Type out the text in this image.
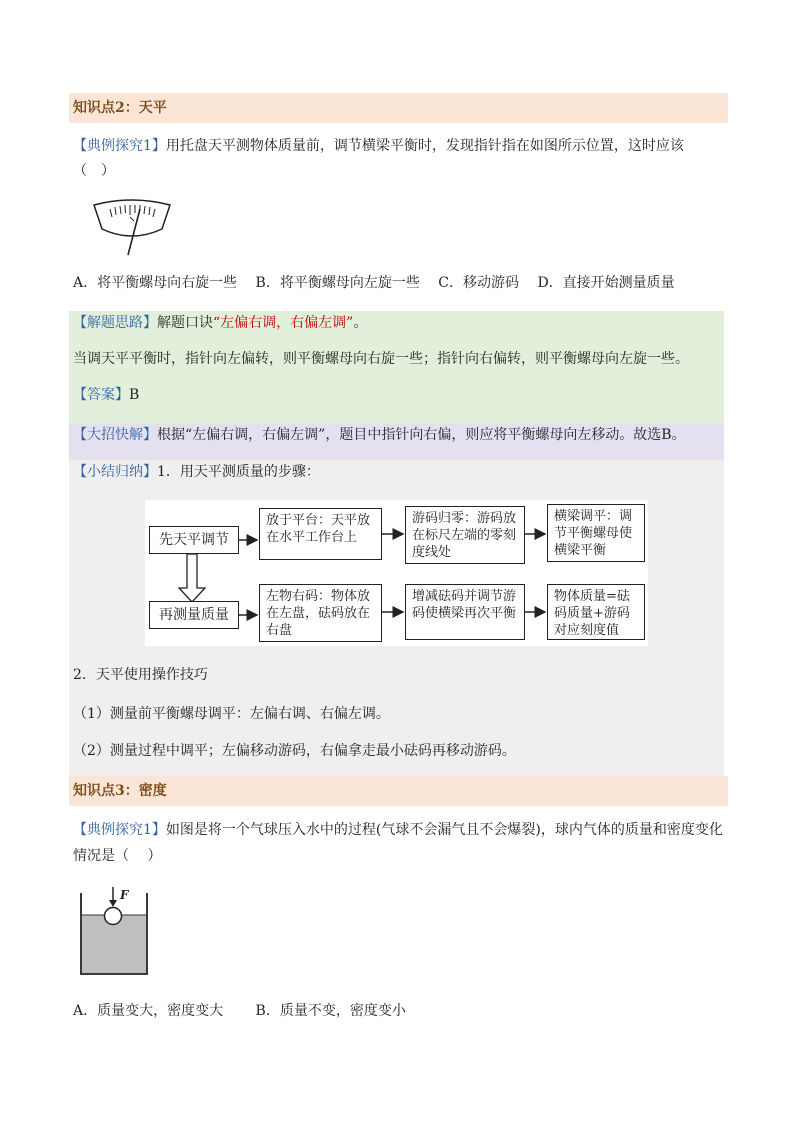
知识点2：天平
【典例探究1】用托盘天平测物体质量前，调节横梁平衡时，发现指针指在如图所示位置，这时应该
（　）
A．将平衡螺母向右旋一些　 B．将平衡螺母向左旋一些　 C．移动游码　 D．直接开始测量质量
【解题思路】解题口诀“左偏右调，右偏左调”。
当调天平平衡时，指针向左偏转，则平衡螺母向右旋一些；指针向右偏转，则平衡螺母向左旋一些。
【答案】B
【大招快解】根据“左偏右调，右偏左调”，题目中指针向右偏，则应将平衡螺母向左移动。故选B。
【小结归纳】1．用天平测质量的步骤：
先天平调节
放于平台：天平放在水平工作台上
游码归零：游码放在标尺左端的零刻度线处
横梁调平：调节平衡螺母使横梁平衡
再测量质量
左物右码：物体放在左盘，砝码放在右盘
增减砝码并调节游码使横梁再次平衡
物体质量=砝码质量+游码对应刻度值
2．天平使用操作技巧
（1）测量前平衡螺母调平：左偏右调、右偏左调。
（2）测量过程中调平；左偏移动游码，右偏拿走最小砝码再移动游码。
知识点3：密度
【典例探究1】如图是将一个气球压入水中的过程(气球不会漏气且不会爆裂)，球内气体的质量和密度变化
情况是（　 ）
F
A．质量变大，密度变大　　 B．质量不变，密度变小
